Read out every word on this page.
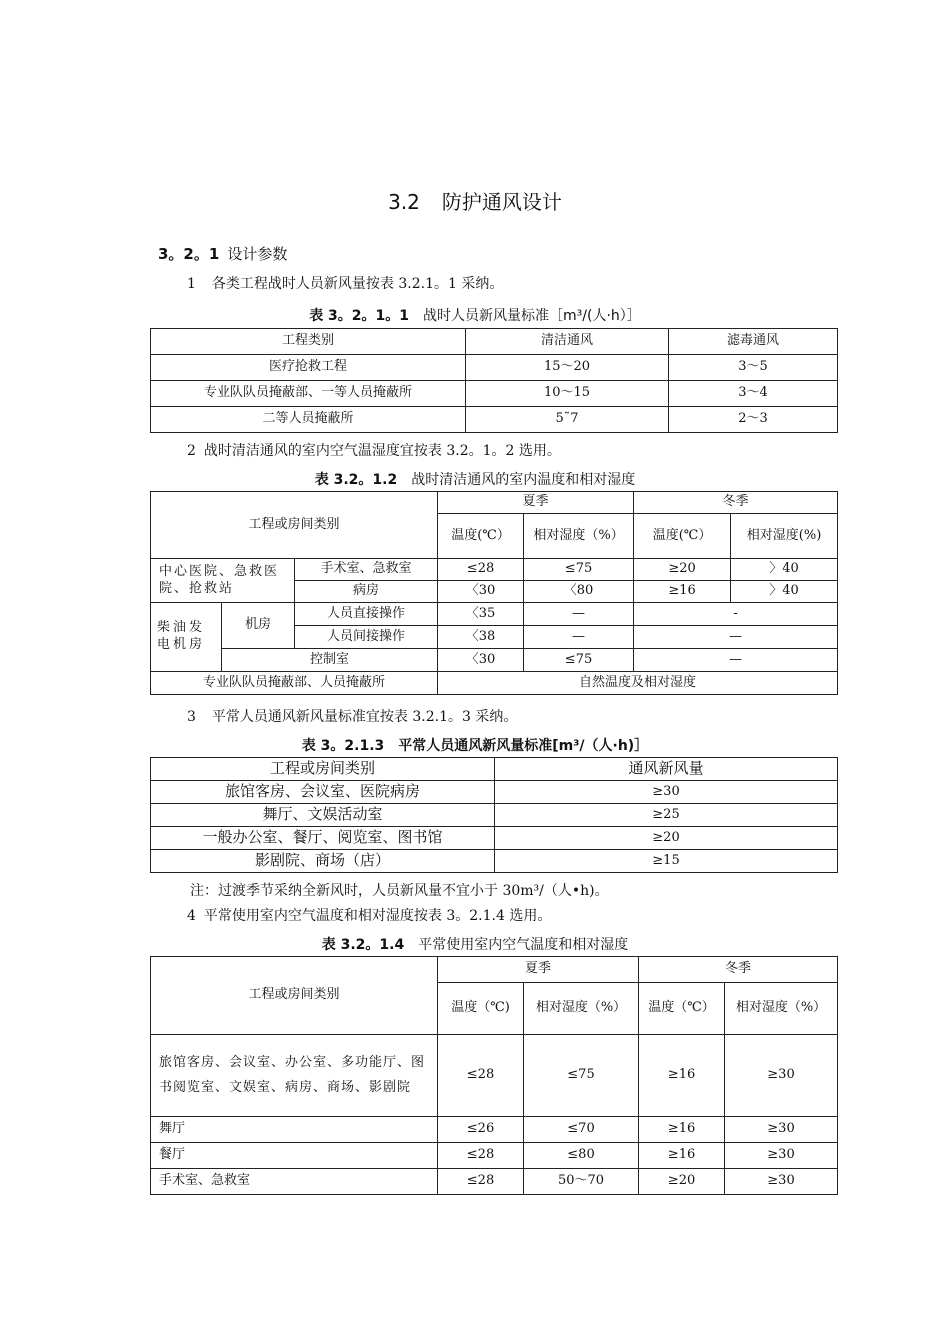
3.2 防护通风设计
3。2。1 设计参数
1 各类工程战时人员新风量按表 3.2.1。1 采纳。
表 3。2。1。1 战时人员新风量标准［m³/(人·h）］
工程类别	清洁通风	滤毒通风
医疗抢救工程	15～20	3～5
专业队队员掩蔽部、一等人员掩蔽所	10～15	3～4
二等人员掩蔽所	5˜7	2～3
2 战时清洁通风的室内空气温湿度宜按表 3.2。1。2 选用。
表 3.2。1.2 战时清洁通风的室内温度和相对湿度
工程或房间类别			夏季		冬季	
			温度(℃）	相对湿度（%）	温度(℃）	相对湿度(%)
中心医院、急救医院、抢救站		手术室、急救室	≤28	≤75	≥20	〉40
		病房	〈30	〈80	≥16	〉40
柴油发电机房	机房	人员直接操作	〈35	—	-	
		人员间接操作	〈38	—	—	
	控制室		〈30	≤75	—	
专业队队员掩蔽部、人员掩蔽所			自然温度及相对湿度			
3 平常人员通风新风量标准宜按表 3.2.1。3 采纳。
表 3。2.1.3 平常人员通风新风量标准[m³/（人·h)］
工程或房间类别	通风新风量
旅馆客房、会议室、医院病房	≥30
舞厅、文娱活动室	≥25
一般办公室、餐厅、阅览室、图书馆	≥20
影剧院、商场（店）	≥15
注：过渡季节采纳全新风时，人员新风量不宜小于 30m³/（人•h)。
4 平常使用室内空气温度和相对湿度按表 3。2.1.4 选用。
表 3.2。1.4 平常使用室内空气温度和相对湿度
工程或房间类别	夏季		冬季	
	温度（℃)	相对湿度（%）	温度（℃）	相对湿度（%）
旅馆客房、会议室、办公室、多功能厅、图书阅览室、文娱室、病房、商场、影剧院	≤28	≤75	≥16	≥30
舞厅	≤26	≤70	≥16	≥30
餐厅	≤28	≤80	≥16	≥30
手术室、急救室	≤28	50～70	≥20	≥30
